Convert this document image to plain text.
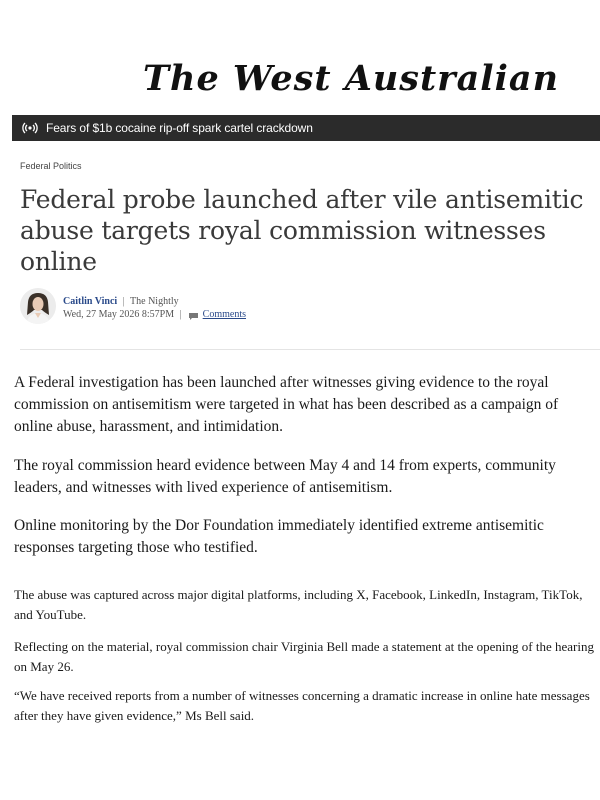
The West Australian
Fears of $1b cocaine rip-off spark cartel crackdown
Federal Politics
Federal probe launched after vile antisemitic abuse targets royal commission witnesses online
Caitlin Vinci | The Nightly
Wed, 27 May 2026 8:57PM | Comments

A Federal investigation has been launched after witnesses giving evidence to the royal commission on antisemitism were targeted in what has been described as a campaign of online abuse, harassment, and intimidation.

The royal commission heard evidence between May 4 and 14 from experts, community leaders, and witnesses with lived experience of antisemitism.

Online monitoring by the Dor Foundation immediately identified extreme antisemitic responses targeting those who testified.

The abuse was captured across major digital platforms, including X, Facebook, LinkedIn, Instagram, TikTok, and YouTube.

Reflecting on the material, royal commission chair Virginia Bell made a statement at the opening of the hearing on May 26.

“We have received reports from a number of witnesses concerning a dramatic increase in online hate messages after they have given evidence,” Ms Bell said.
